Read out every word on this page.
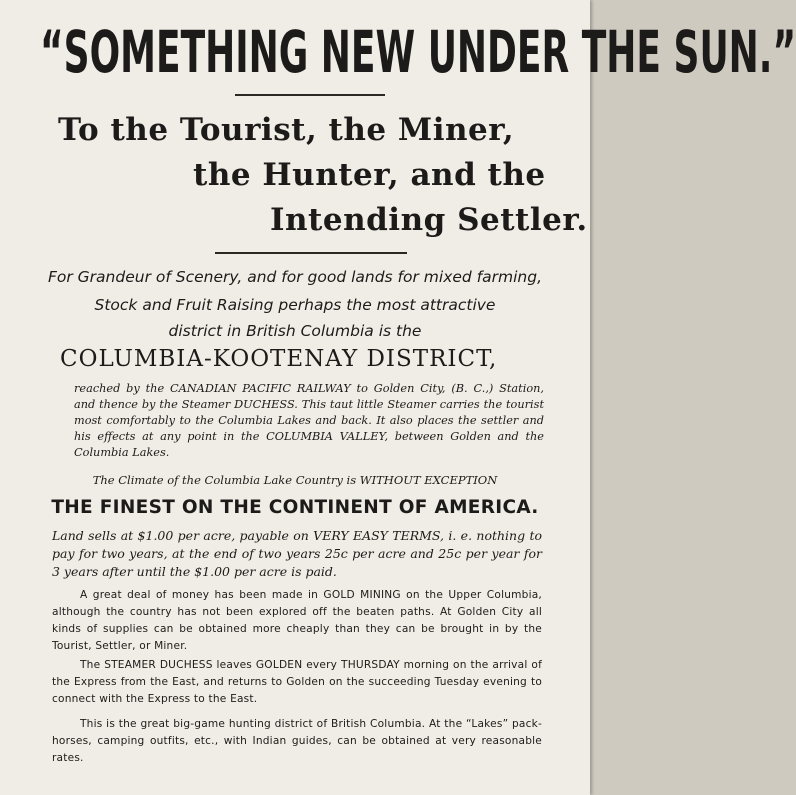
“SOMETHING NEW UNDER THE SUN.”
To the Tourist, the Miner,
the Hunter, and the
Intending Settler.
For Grandeur of Scenery, and for good lands for mixed farming,
Stock and Fruit Raising perhaps the most attractive
district in British Columbia is the
COLUMBIA-KOOTENAY DISTRICT,

reached by the CANADIAN PACIFIC RAILWAY to Golden City, (B. C.,) Station, and thence by the Steamer DUCHESS. This taut little Steamer carries the tourist most comfortably to the Columbia Lakes and back. It also places the settler and his effects at any point in the COLUMBIA VALLEY, between Golden and the Columbia Lakes.

The Climate of the Columbia Lake Country is WITHOUT EXCEPTION
THE FINEST ON THE CONTINENT OF AMERICA.

Land sells at $1.00 per acre, payable on VERY EASY TERMS, i. e. nothing to pay for two years, at the end of two years 25c per acre and 25c per year for 3 years after until the $1.00 per acre is paid.

A great deal of money has been made in GOLD MINING on the Upper Columbia, although the country has not been explored off the beaten paths. At Golden City all kinds of supplies can be obtained more cheaply than they can be brought in by the Tourist, Settler, or Miner.

The STEAMER DUCHESS leaves GOLDEN every THURSDAY morning on the arrival of the Express from the East, and returns to Golden on the succeeding Tuesday evening to connect with the Express to the East.

This is the great big-game hunting district of British Columbia. At the “Lakes” pack-horses, camping outfits, etc., with Indian guides, can be obtained at very reasonable rates.
